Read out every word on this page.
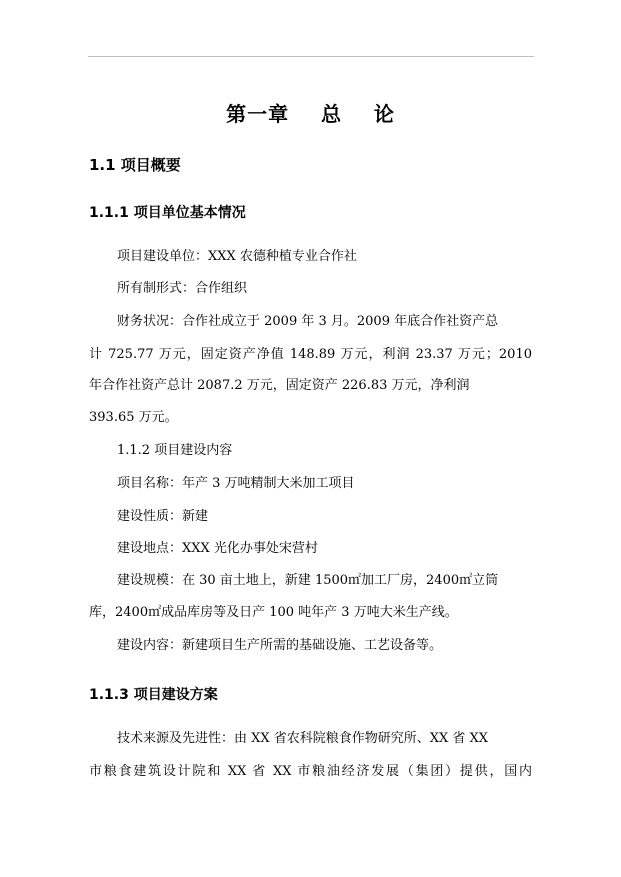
第一章    总    论
1.1 项目概要
1.1.1 项目单位基本情况
项目建设单位：XXX 农德种植专业合作社
所有制形式：合作组织
财务状况：合作社成立于 2009 年 3 月。2009 年底合作社资产总
计 725.77 万元，固定资产净值 148.89 万元，利润 23.37 万元；2010
年合作社资产总计 2087.2 万元，固定资产 226.83 万元，净利润
393.65 万元。
1.1.2 项目建设内容
项目名称：年产 3 万吨精制大米加工项目
建设性质：新建
建设地点：XXX 光化办事处宋营村
建设规模：在 30 亩土地上，新建 1500㎡加工厂房，2400㎡立筒
库，2400㎡成品库房等及日产 100 吨年产 3 万吨大米生产线。
建设内容：新建项目生产所需的基础设施、工艺设备等。
1.1.3 项目建设方案
技术来源及先进性：由 XX 省农科院粮食作物研究所、XX 省 XX
市粮食建筑设计院和 XX 省 XX 市粮油经济发展（集团）提供，国内
